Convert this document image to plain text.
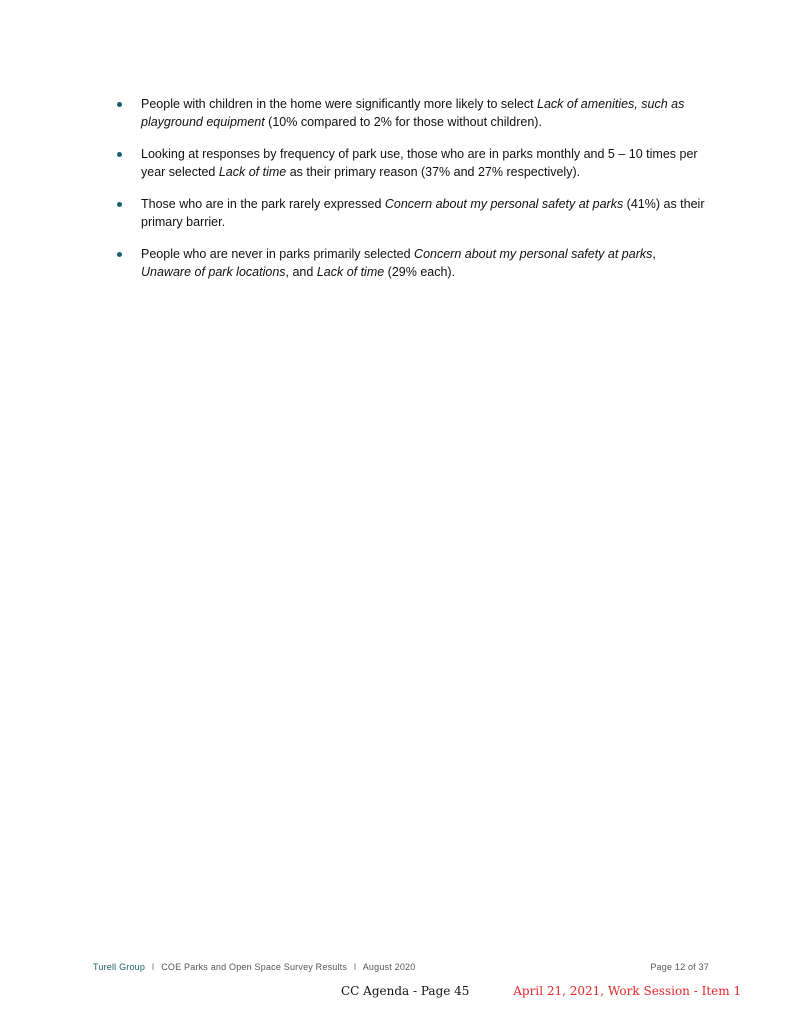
People with children in the home were significantly more likely to select Lack of amenities, such as playground equipment (10% compared to 2% for those without children).
Looking at responses by frequency of park use, those who are in parks monthly and 5 – 10 times per year selected Lack of time as their primary reason (37% and 27% respectively).
Those who are in the park rarely expressed Concern about my personal safety at parks (41%) as their primary barrier.
People who are never in parks primarily selected Concern about my personal safety at parks, Unaware of park locations, and Lack of time (29% each).
Turell Group I COE Parks and Open Space Survey Results I August 2020	Page 12 of 37
CC Agenda - Page 45	April 21, 2021, Work Session - Item 1
